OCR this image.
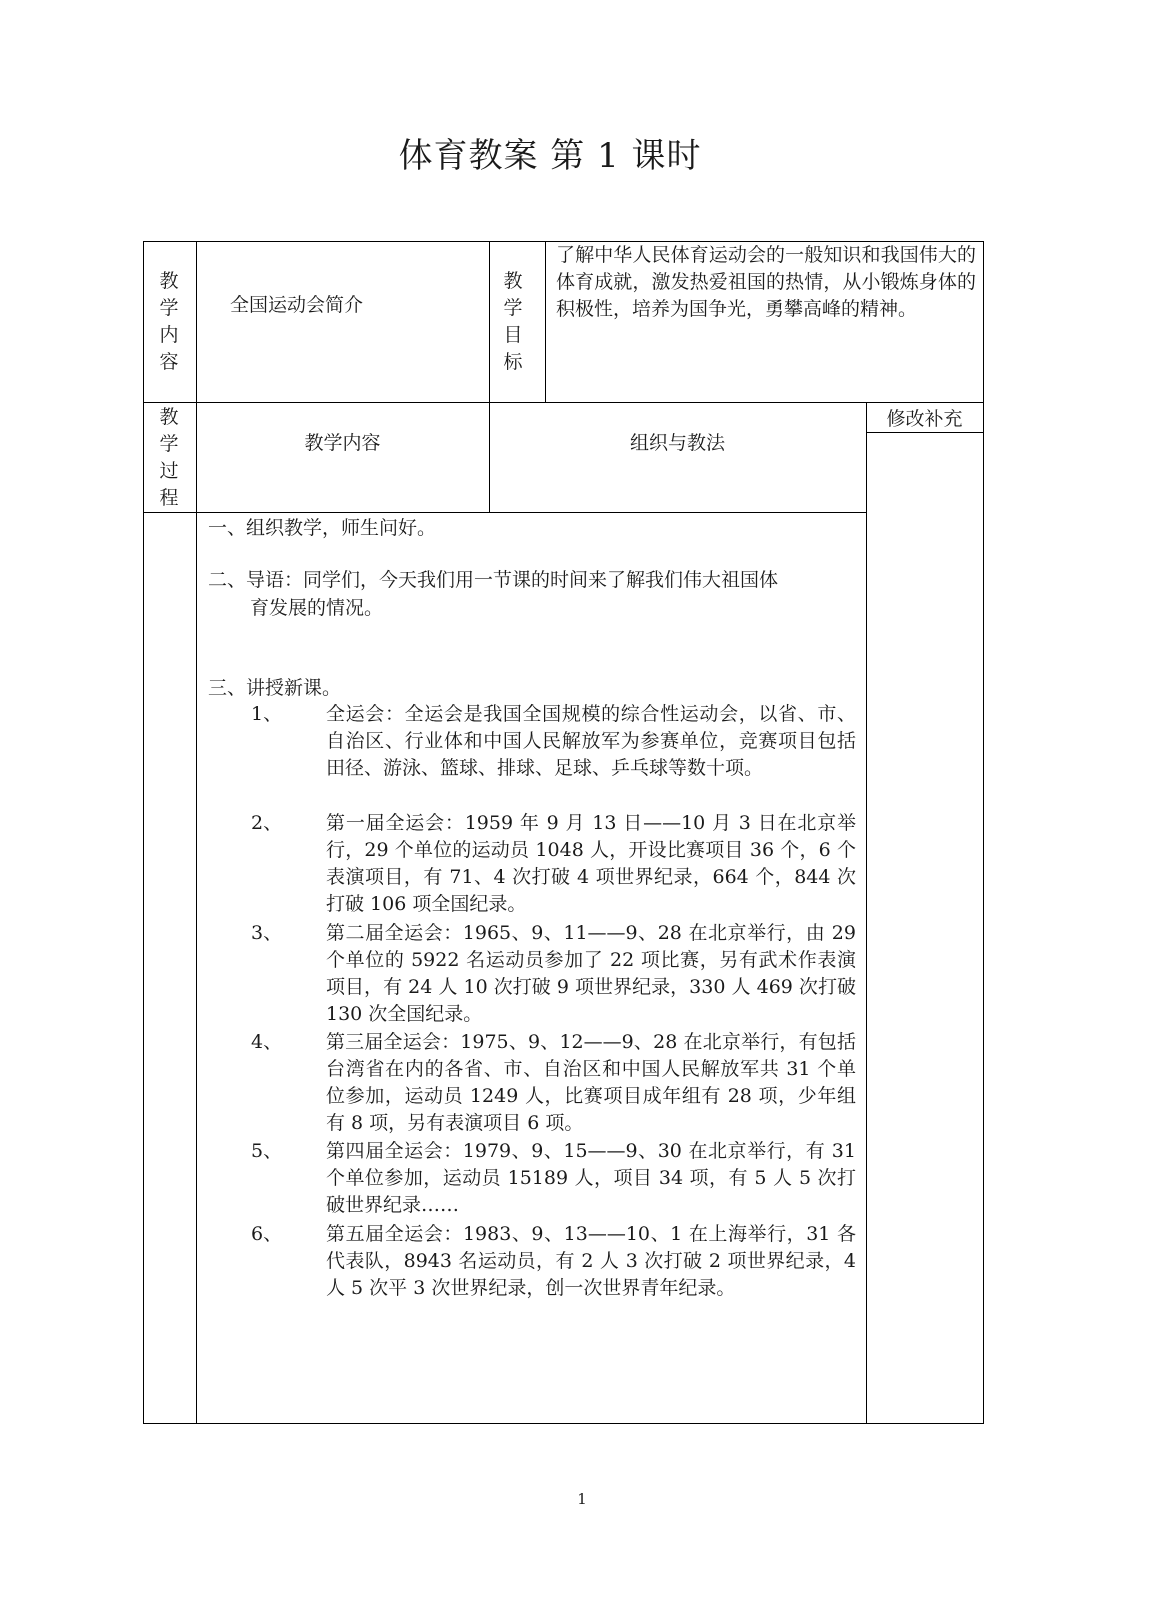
体育教案 第 1 课时
教学内容
全国运动会简介
教学目标
了解中华人民体育运动会的一般知识和我国伟大的体育成就，激发热爱祖国的热情，从小锻炼身体的积极性，培养为国争光，勇攀高峰的精神。
教学过程
教学内容	组织与教法
修改补充
一、组织教学，师生问好。
二、导语：同学们，今天我们用一节课的时间来了解我们伟大祖国体
育发展的情况。
三、讲授新课。
1、 全运会：全运会是我国全国规模的综合性运动会，以省、市、自治区、行业体和中国人民解放军为参赛单位，竞赛项目包括田径、游泳、篮球、排球、足球、乒乓球等数十项。
2、 第一届全运会：1959 年 9 月 13 日——10 月 3 日在北京举行，29 个单位的运动员 1048 人，开设比赛项目 36 个，6 个表演项目，有 71、4 次打破 4 项世界纪录，664 个，844 次打破 106 项全国纪录。
3、 第二届全运会：1965、9、11——9、28 在北京举行，由 29 个单位的 5922 名运动员参加了 22 项比赛，另有武术作表演项目，有 24 人 10 次打破 9 项世界纪录，330 人 469 次打破 130 次全国纪录。
4、 第三届全运会：1975、9、12——9、28 在北京举行，有包括台湾省在内的各省、市、自治区和中国人民解放军共 31 个单位参加，运动员 1249 人，比赛项目成年组有 28 项，少年组有 8 项，另有表演项目 6 项。
5、 第四届全运会：1979、9、15——9、30 在北京举行，有 31 个单位参加，运动员 15189 人，项目 34 项，有 5 人 5 次打破世界纪录……
6、 第五届全运会：1983、9、13——10、1 在上海举行，31 各代表队，8943 名运动员，有 2 人 3 次打破 2 项世界纪录，4 人 5 次平 3 次世界纪录，创一次世界青年纪录。
1
